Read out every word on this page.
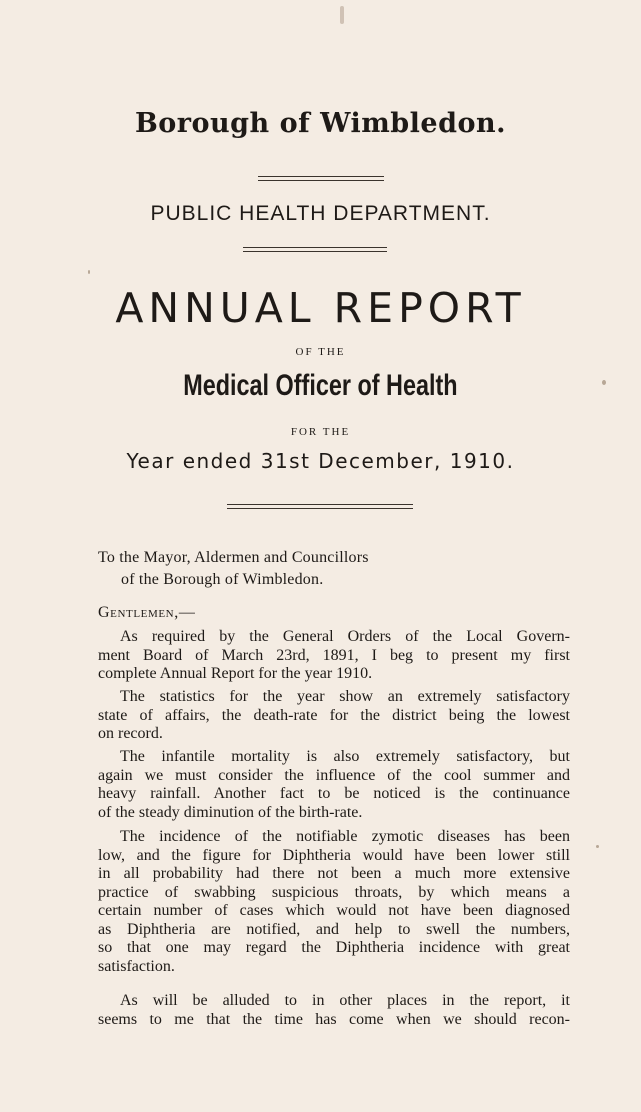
Borough of Wimbledon.
PUBLIC HEALTH DEPARTMENT.
ANNUAL REPORT
OF THE
Medical Officer of Health
FOR THE
Year ended 31st December, 1910.
To the Mayor, Aldermen and Councillors
of the Borough of Wimbledon.
Gentlemen,—
As required by the General Orders of the Local Govern-
ment Board of March 23rd, 1891, I beg to present my first
complete Annual Report for the year 1910.
The statistics for the year show an extremely satisfactory
state of affairs, the death-rate for the district being the lowest
on record.
The infantile mortality is also extremely satisfactory, but
again we must consider the influence of the cool summer and
heavy rainfall. Another fact to be noticed is the continuance
of the steady diminution of the birth-rate.
The incidence of the notifiable zymotic diseases has been
low, and the figure for Diphtheria would have been lower still
in all probability had there not been a much more extensive
practice of swabbing suspicious throats, by which means a
certain number of cases which would not have been diagnosed
as Diphtheria are notified, and help to swell the numbers,
so that one may regard the Diphtheria incidence with great
satisfaction.
As will be alluded to in other places in the report, it
seems to me that the time has come when we should recon-
